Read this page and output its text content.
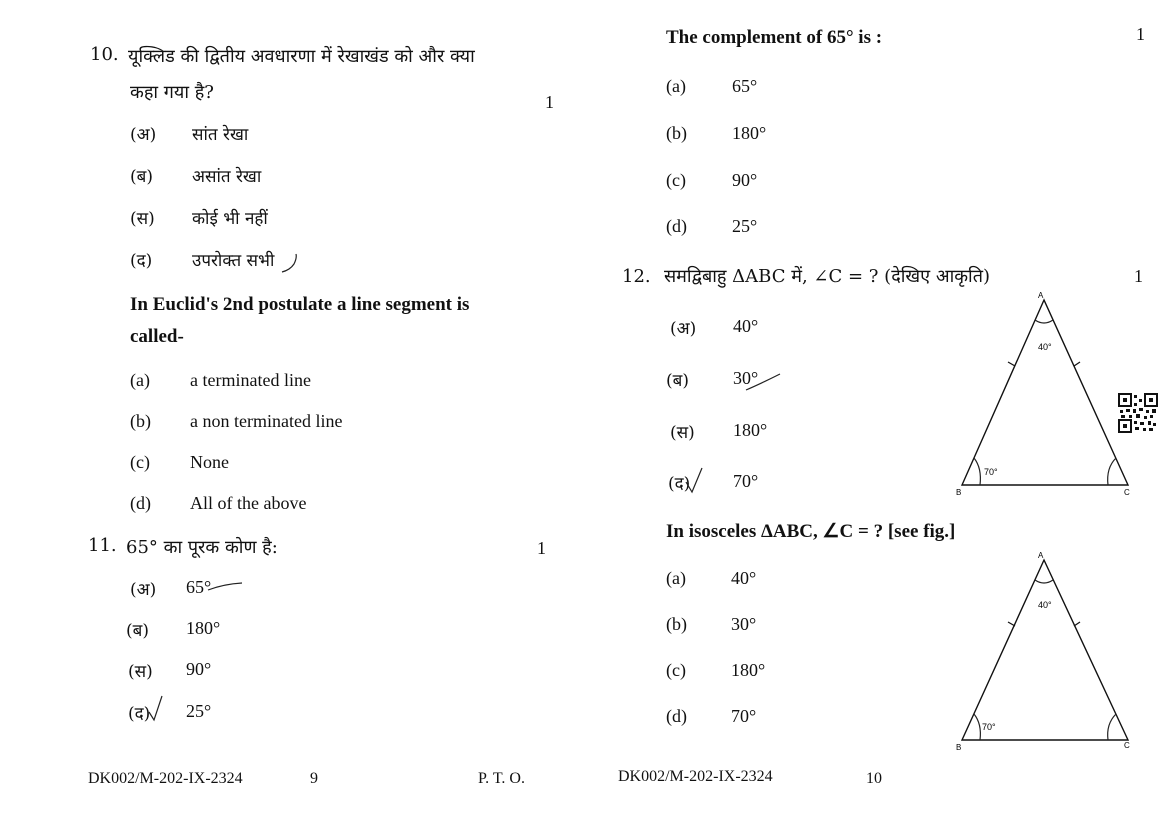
10. यूक्लिड की द्वितीय अवधारणा में रेखाखंड को और क्या
कहा गया है?	1
(अ) सांत रेखा
(ब) असांत रेखा
(स) कोई भी नहीं
(द) उपरोक्त सभी
In Euclid's 2nd postulate a line segment is
called-
(a) a terminated line
(b) a non terminated line
(c) None
(d) All of the above
11. 65° का पूरक कोण है:	1
(अ) 65°
(ब) 180°
(स) 90°
(द) 25°
DK002/M-202-IX-2324	9	P. T. O.
The complement of 65° is :	1
(a)	65°
(b)	180°
(c)	90°
(d)	25°
12. समद्विबाहु ΔABC में, ∠C = ? (देखिए आकृति)	1
(अ) 40°
(ब) 30°
(स) 180°
(द) 70°
In isosceles ΔABC, ∠C = ? [see fig.]
(a)	40°
(b) 30°
(c)	180°
(d) 70°
A
B	C
40°
70°
A
B	C
40°
70°
DK002/M-202-IX-2324	10
